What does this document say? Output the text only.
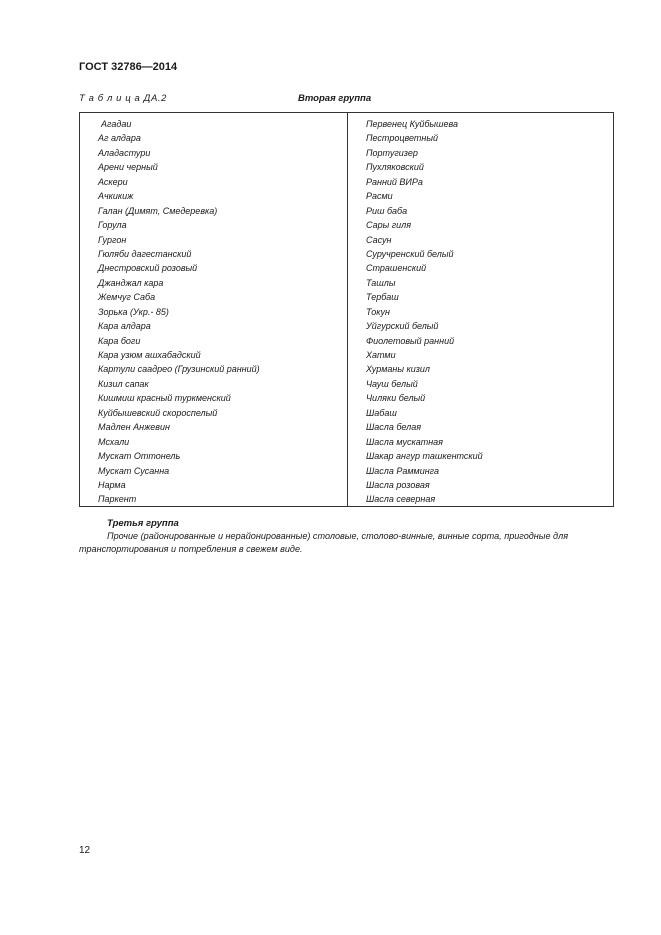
ГОСТ 32786—2014
Т а б л и ц а ДА.2	Вторая группа
Агадаи
Аг алдара
Аладастури
Арени черный
Аскери
Ачкикиж
Галан (Димят, Смедеревка)
Горула
Гургон
Гюляби дагестанский
Днестровский розовый
Джанджал кара
Жемчуг Саба
Зорька (Укр.- 85)
Кара алдара
Кара боги
Кара узюм ашхабадский
Картули саадрео (Грузинский ранний)
Кизил сапак
Кишмиш красный туркменский
Куйбышевский скороспелый
Мадлен Анжевин
Мсхали
Мускат Оттонель
Мускат Сусанна
Нарма
Паркент
Первенец Куйбышева
Пестроцветный
Португизер
Пухляковский
Ранний ВИРа
Расми
Риш баба
Сары гиля
Сасун
Суручренский белый
Страшенский
Ташлы
Тербаш
Токун
Уйгурский белый
Фиолетовый ранний
Хатми
Хурманы кизил
Чауш белый
Чиляки белый
Шабаш
Шасла белая
Шасла мускатная
Шакар ангур ташкентский
Шасла Рамминга
Шасла розовая
Шасла северная
Третья группа

Прочие (районированные и нерайонированные) столовые, столово-винные, винные сорта, пригодные для транспортирования и потребления в свежем виде.

12
